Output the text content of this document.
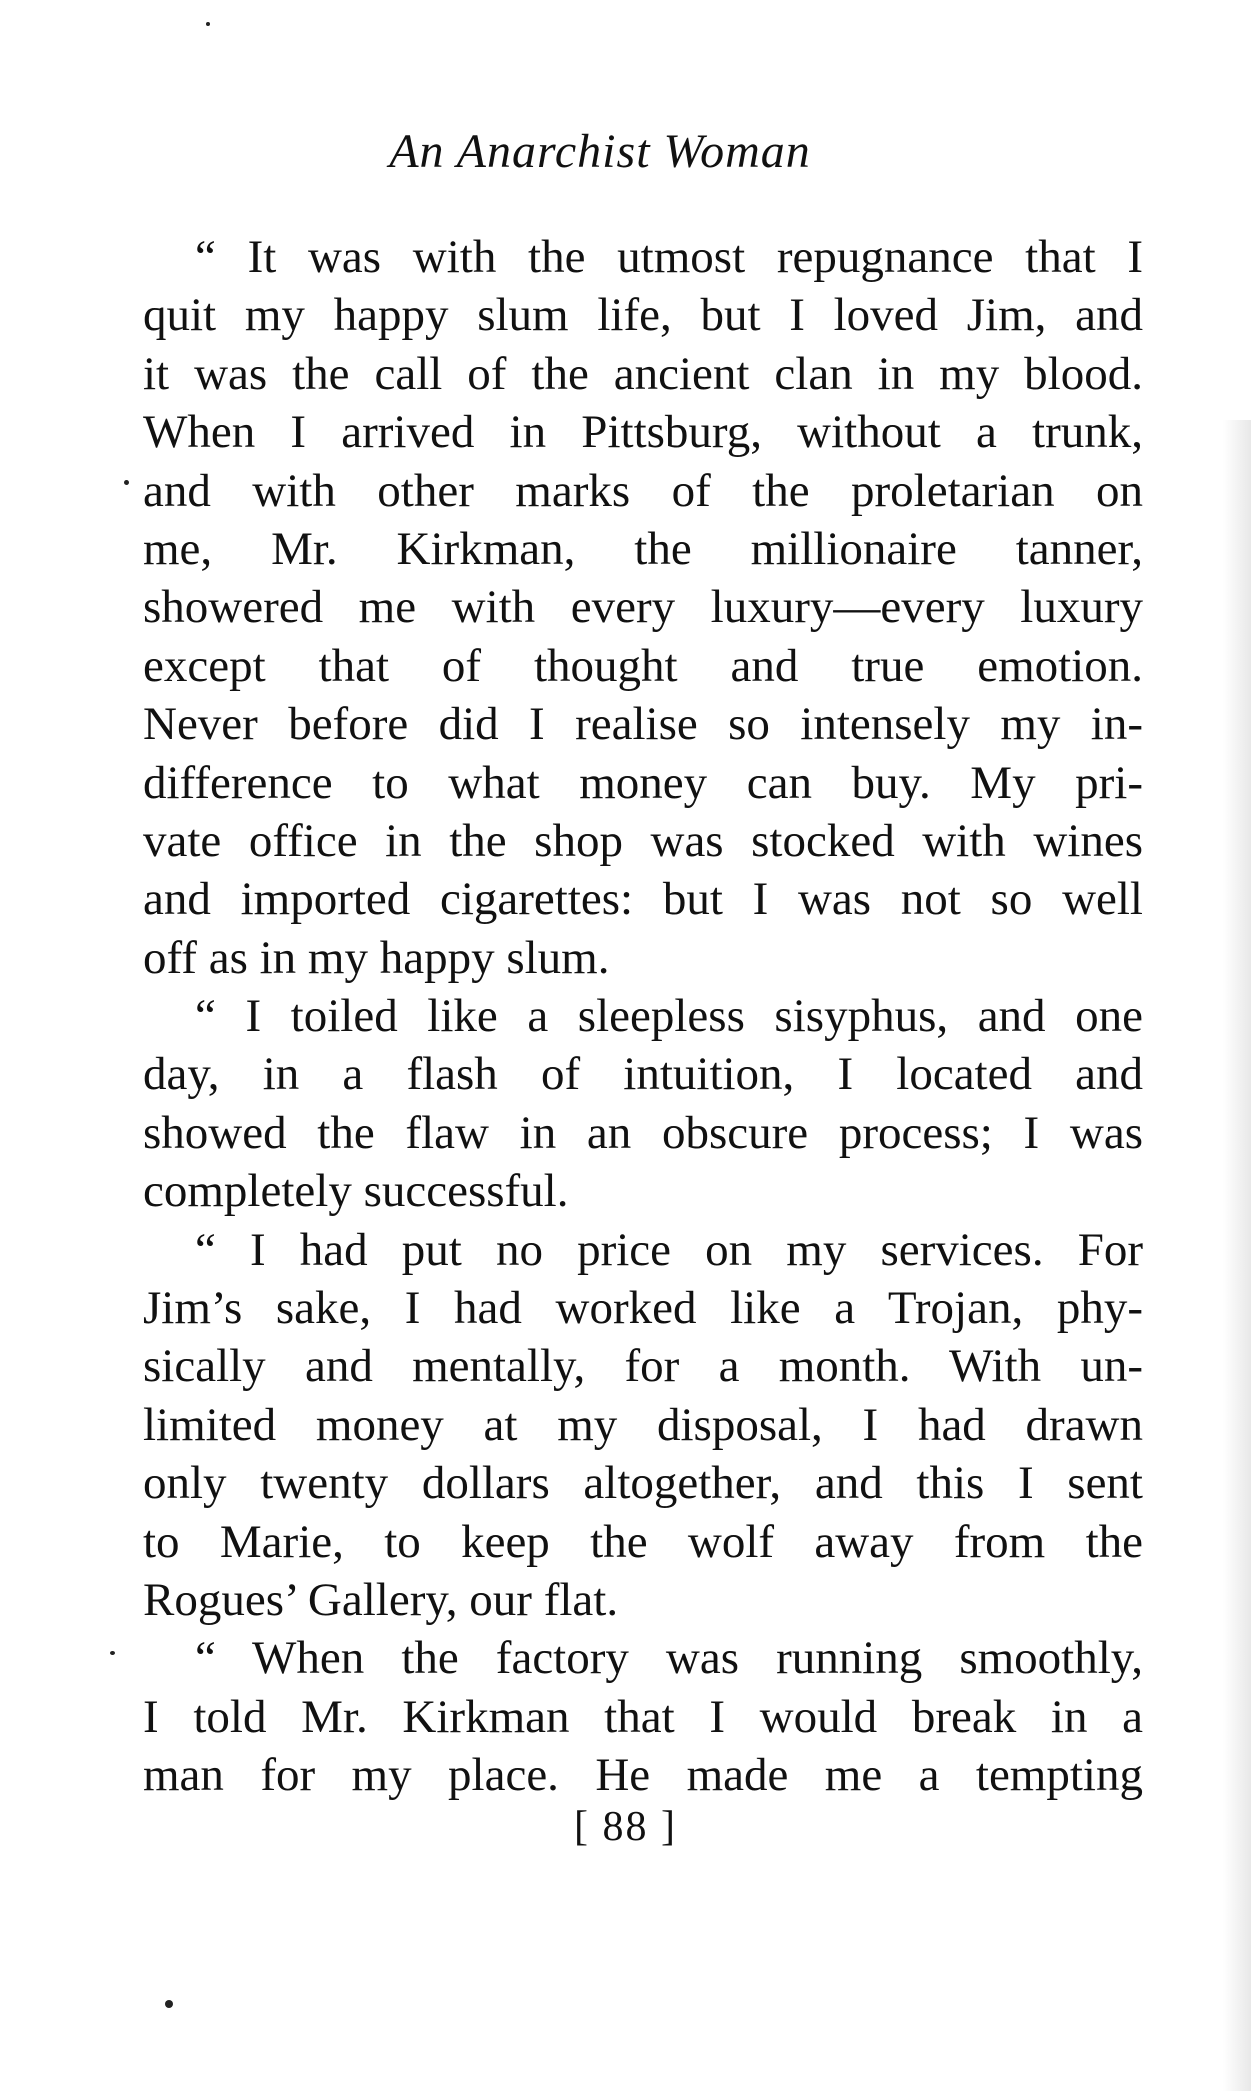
An Anarchist Woman
“ It was with the utmost repugnance that I
quit my happy slum life, but I loved Jim, and
it was the call of the ancient clan in my blood.
When I arrived in Pittsburg, without a trunk,
and with other marks of the proletarian on
me, Mr. Kirkman, the millionaire tanner,
showered me with every luxury—every luxury
except that of thought and true emotion.
Never before did I realise so intensely my in-
difference to what money can buy. My pri-
vate office in the shop was stocked with wines
and imported cigarettes: but I was not so well
off as in my happy slum.
“ I toiled like a sleepless sisyphus, and one
day, in a flash of intuition, I located and
showed the flaw in an obscure process; I was
completely successful.
“ I had put no price on my services. For
Jim’s sake, I had worked like a Trojan, phy-
sically and mentally, for a month. With un-
limited money at my disposal, I had drawn
only twenty dollars altogether, and this I sent
to Marie, to keep the wolf away from the
Rogues’ Gallery, our flat.
“ When the factory was running smoothly,
I told Mr. Kirkman that I would break in a
man for my place. He made me a tempting
[ 88 ]
